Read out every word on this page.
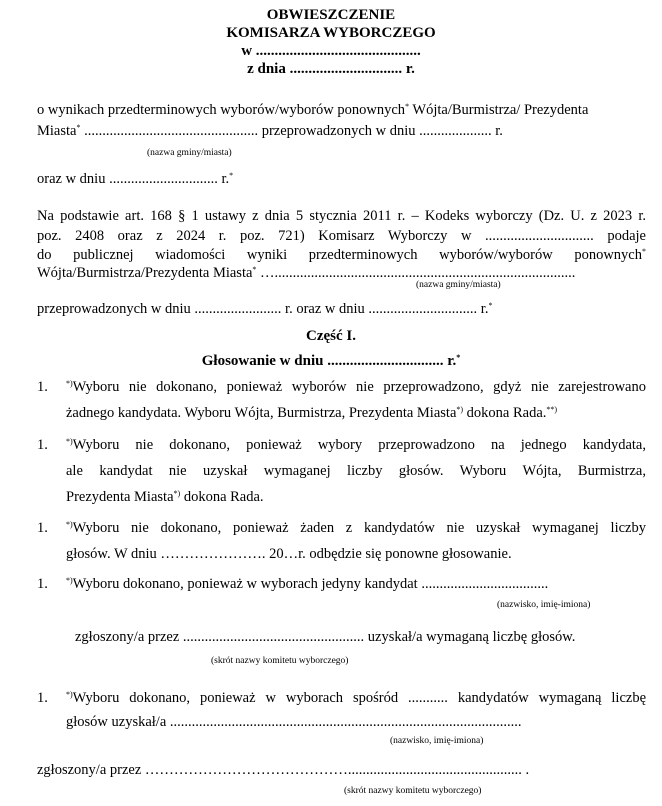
OBWIESZCZENIE
KOMISARZA WYBORCZEGO
w ............................................
z dnia .............................. r.
o wynikach przedterminowych wyborów/wyborów ponownych* Wójta/Burmistrza/ Prezydenta
Miasta* ................................................ przeprowadzonych w dniu .................... r.
(nazwa gminy/miasta)
oraz w dniu .............................. r.*
Na podstawie art. 168 § 1 ustawy z dnia 5 stycznia 2011 r. – Kodeks wyborczy (Dz. U. z 2023 r.
poz. 2408 oraz z 2024 r. poz. 721) Komisarz Wyborczy w .............................. podaje
do publicznej wiadomości wyniki przedterminowych wyborów/wyborów ponownych*
Wójta/Burmistrza/Prezydenta Miasta* …...................................................................................
(nazwa gminy/miasta)
przeprowadzonych w dniu ........................ r. oraz w dniu .............................. r.*
Część I.
Głosowanie w dniu ............................... r.*
1. *)Wyboru nie dokonano, ponieważ wyborów nie przeprowadzono, gdyż nie zarejestrowano
żadnego kandydata. Wyboru Wójta, Burmistrza, Prezydenta Miasta*) dokona Rada.**)
1. *)Wyboru nie dokonano, ponieważ wybory przeprowadzono na jednego kandydata,
ale kandydat nie uzyskał wymaganej liczby głosów. Wyboru Wójta, Burmistrza,
Prezydenta Miasta*) dokona Rada.
1. *)Wyboru nie dokonano, ponieważ żaden z kandydatów nie uzyskał wymaganej liczby
głosów. W dniu …………………. 20…r. odbędzie się ponowne głosowanie.
1. *)Wyboru dokonano, ponieważ w wyborach jedyny kandydat ...................................
(nazwisko, imię-imiona)
zgłoszony/a przez .................................................. uzyskał/a wymaganą liczbę głosów.
(skrót nazwy komitetu wyborczego)
1. *)Wyboru dokonano, ponieważ w wyborach spośród ........... kandydatów wymaganą liczbę
głosów uzyskał/a .................................................................................................
(nazwisko, imię-imiona)
zgłoszony/a przez ……………………………………................................................ .
(skrót nazwy komitetu wyborczego)
